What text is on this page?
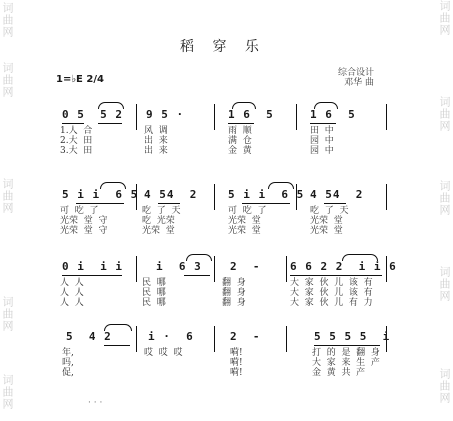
词
曲
网
词
曲
网
词
曲
网
词
曲
网
词
曲
网
词
曲
网
词
曲
网
词
曲
网
词
曲
网
词
曲
网
稻 穿 乐
1=♭E 2/4
综合设计
邓华 曲
0 5  5 2 9 5 ·	1 6  5	1 6  5
1.人  合
2.大  田
3.大  田
风  调
出  来
出  来
雨  顺
满  仓
金  黄
田  中
园  中
园  中
5 i i  6 5 4 54  2	5 i i  6 5 4 54  2
可  吃  了
光荣  堂  守
光荣  堂  守
吃  了  天
吃  光荣
光荣  堂
可  吃  了
光荣  堂
光荣  堂
吃  了  天
光荣  堂
光荣  堂
0 i  i i	i  6 3	2  -	6 6 2 2  i i 6
人  人
人  人
人  人
民  哪
民  哪
民  哪
翻  身
翻  身
翻  身
大  家  伙  儿  该  有
大  家  伙  儿  该  有
大  家  伙  儿  有  力
5  4 2	i ·  6	2  -	5 5 5 5  i
年,
吗,
促,
哎  哎  哎	嗬!
嗬!
嗬!
打  的  是  翻  身
大  家  来  生  产
金  黄  共  产
· · ·
